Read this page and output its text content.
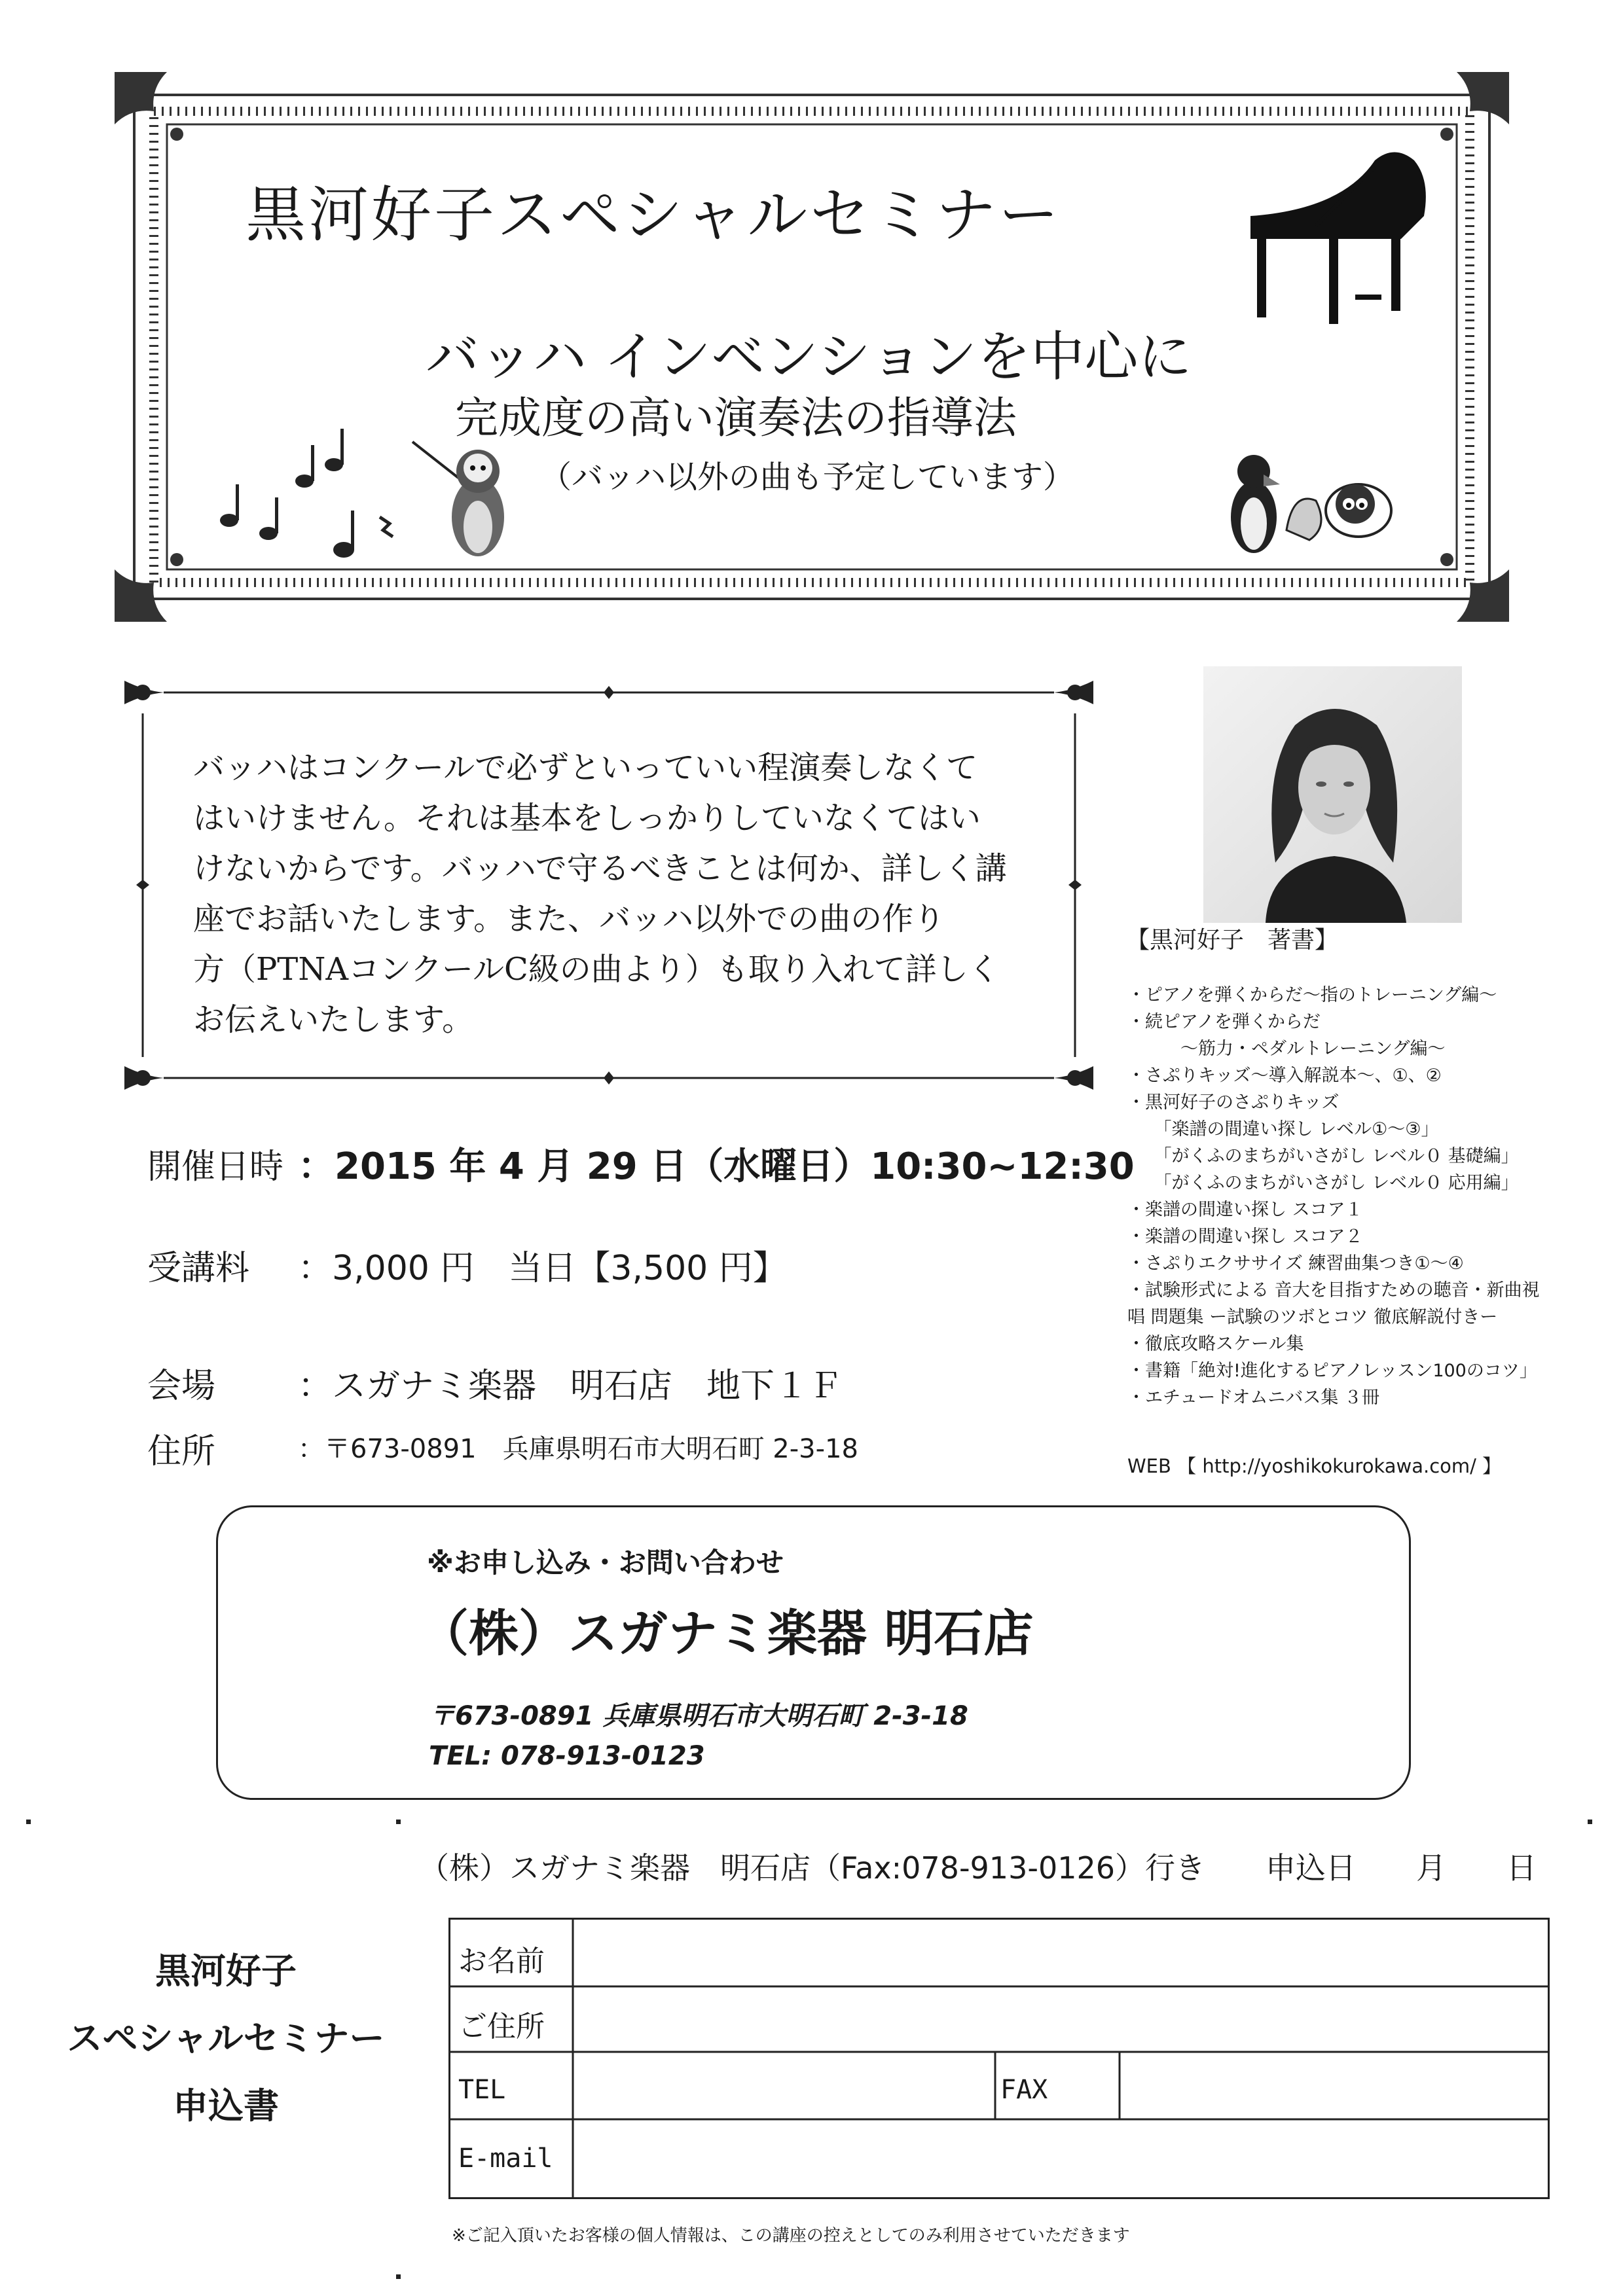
黒河好子スペシャルセミナー
バッハ インベンションを中心に
完成度の高い演奏法の指導法
（バッハ以外の曲も予定しています）

バッハはコンクールで必ずといっていい程演奏しなくて

はいけません。それは基本をしっかりしていなくてはい

けないからです。バッハで守るべきことは何か、詳しく講

座でお話いたします。また、バッハ以外での曲の作り

方（PTNAコンクールC級の曲より）も取り入れて詳しく

お伝えいたします。

【黒河好子　著書】
・ピアノを弾くからだ～指のトレーニング編～
・続ピアノを弾くからだ
　　　～筋力・ペダルトレーニング編～
・さぷりキッズ～導入解説本～、①、②
・黒河好子のさぷりキッズ
　　「楽譜の間違い探し レベル①～③」
　　「がくふのまちがいさがし レベル０ 基礎編」
　　「がくふのまちがいさがし レベル０ 応用編」
・楽譜の間違い探し スコア１
・楽譜の間違い探し スコア２
・さぷりエクササイズ 練習曲集つき①～④
・試験形式による 音大を目指すための聴音・新曲視唱 問題集 ー試験のツボとコツ 徹底解説付きー
・徹底攻略スケール集
・書籍「絶対!進化するピアノレッスン100のコツ」
・エチュードオムニバス集 ３冊
WEB 【 http://yoshikokurokawa.com/ 】
開催日時 ：2015 年 4 月 29 日（水曜日）10:30~12:30
受講料 ：3,000 円　当日【3,500 円】
会場 ：スガナミ楽器　明石店　地下１Ｆ
住所	：〒673-0891　兵庫県明石市大明石町 2-3-18
※お申し込み・お問い合わせ
（株）スガナミ楽器 明石店
〒673-0891 兵庫県明石市大明石町 2-3-18
TEL: 078-913-0123
（株）スガナミ楽器　明石店（Fax:078-913-0126）行き　　申込日　　月　　日
黒河好子
スペシャルセミナー
申込書
お名前
ご住所
TEL	FAX
E-mail
※ご記入頂いたお客様の個人情報は、この講座の控えとしてのみ利用させていただきます
